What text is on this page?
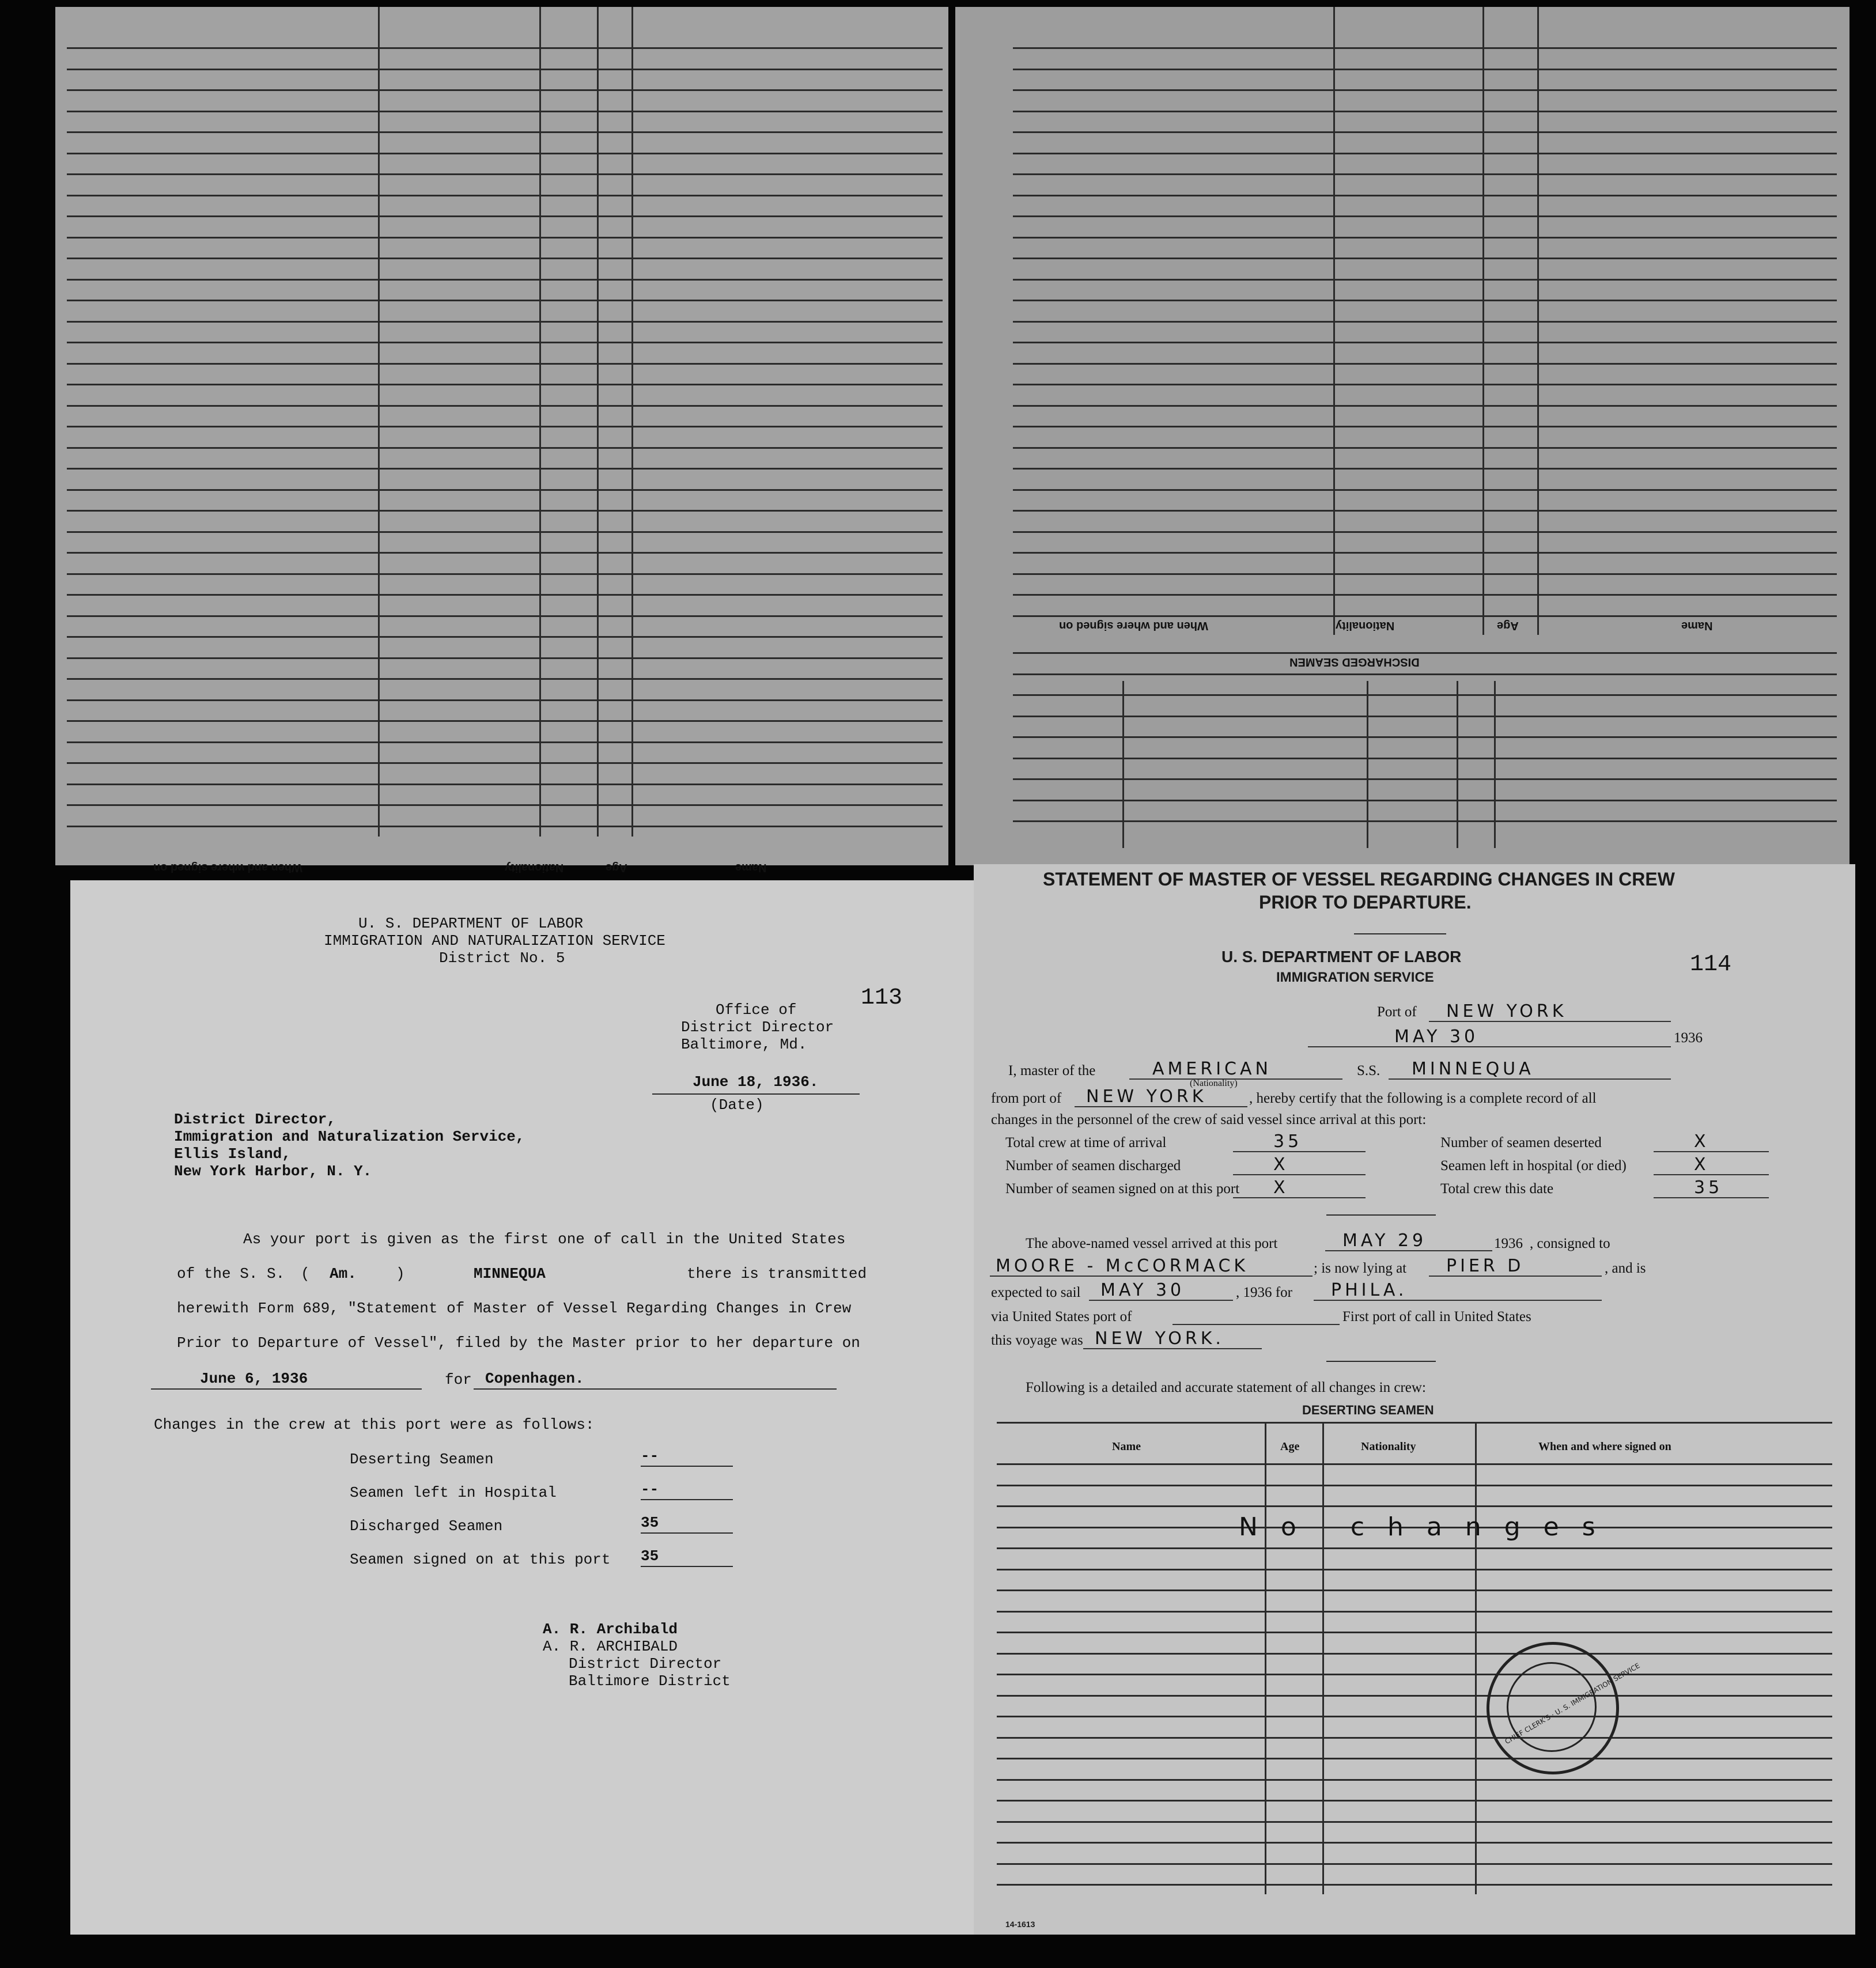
Name
Age
Nationality
When and where signed on
Name
Age
Nationality
When and where signed on
DISCHARGED SEAMEN
U. S. DEPARTMENT OF LABOR
IMMIGRATION AND NATURALIZATION SERVICE
District No. 5
113
Office of
District Director
Baltimore, Md.
June 18, 1936.
(Date)
District Director,
Immigration and Naturalization Service,
Ellis Island,
New York Harbor, N. Y.
As your port is given as the first one of call in the United States
of the S. S. ( Am.	)	MINNEQUA	there is transmitted
herewith Form 689, "Statement of Master of Vessel Regarding Changes in Crew
Prior to Departure of Vessel", filed by the Master prior to her departure on
June 6, 1936	for Copenhagen.
Changes in the crew at this port were as follows:
Deserting Seamen	--
Seamen left in Hospital	--
Discharged Seamen	35
Seamen signed on at this port 35
A. R. Archibald
A. R. ARCHIBALD
District Director
Baltimore District
STATEMENT OF MASTER OF VESSEL REGARDING CHANGES IN CREW
PRIOR TO DEPARTURE.
U. S. DEPARTMENT OF LABOR
IMMIGRATION SERVICE	114
Port of	NEW YORK
MAY 30	1936
I, master of the	AMERICAN	S.S.	MINNEQUA
(Nationality)
from port of	NEW YORK	, hereby certify that the following is a complete record of all
changes in the personnel of the crew of said vessel since arrival at this port:
Total crew at time of arrival	35	Number of seamen deserted	X
Number of seamen discharged	X	Seamen left in hospital (or died)	X
Number of seamen signed on at this port	X	Total crew this date	35
The above-named vessel arrived at this port	MAY 29	1936 , consigned to
MOORE - McCORMACK	; is now lying at	PIER D	, and is
expected to sail	MAY 30	, 1936 for	PHILA.
via United States port of	First port of call in United States
this voyage was NEW YORK.
Following is a detailed and accurate statement of all changes in crew:
DESERTING SEAMEN
Name	Age	Nationality	When and where signed on
No changes
CHIEF CLERK'S · U. S. IMMIGRATION SERVICE
14-1613
